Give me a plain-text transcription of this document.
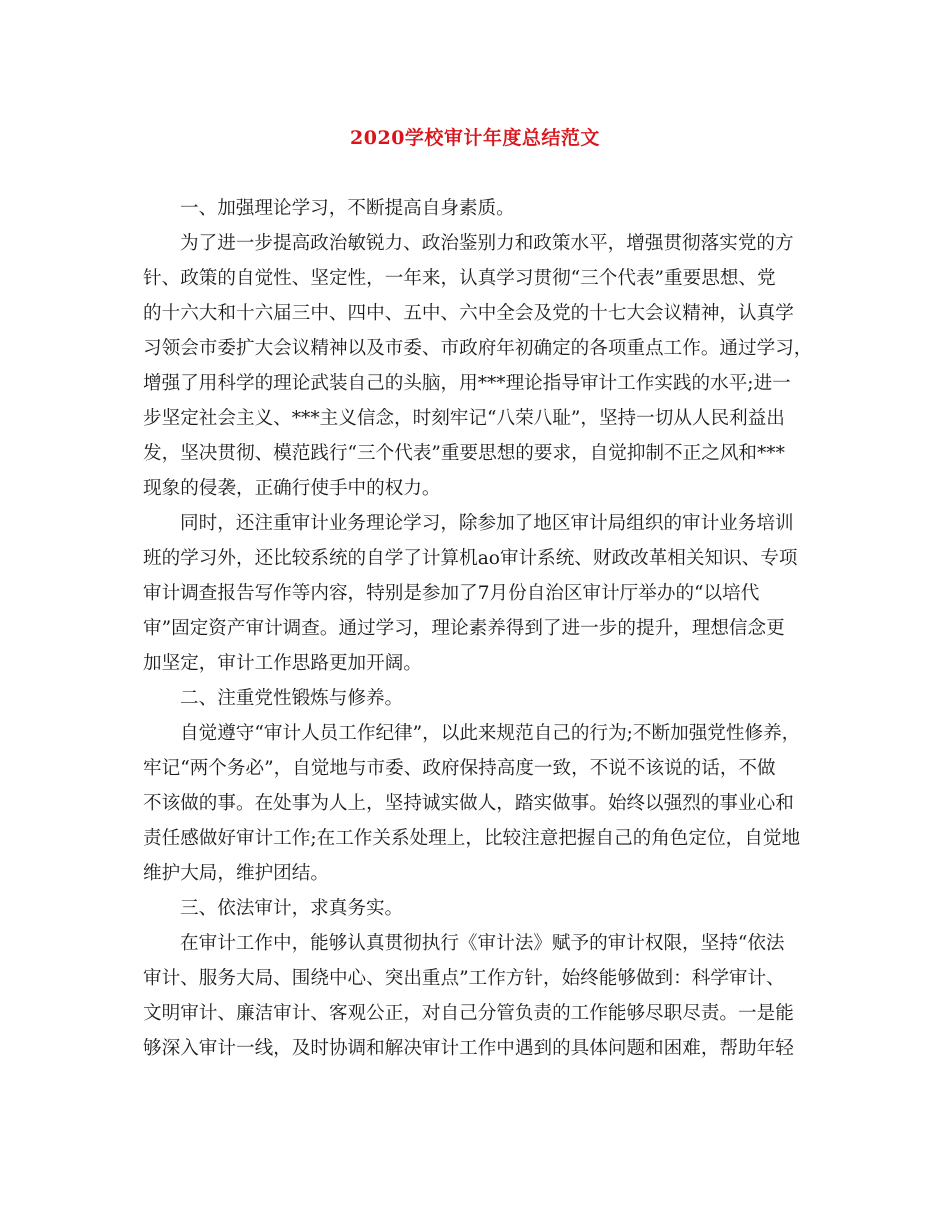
2020学校审计年度总结范文
一、加强理论学习，不断提高自身素质。
为了进一步提高政治敏锐力、政治鉴别力和政策水平，增强贯彻落实党的方
针、政策的自觉性、坚定性，一年来，认真学习贯彻“三个代表”重要思想、党
的十六大和十六届三中、四中、五中、六中全会及党的十七大会议精神，认真学
习领会市委扩大会议精神以及市委、市政府年初确定的各项重点工作。通过学习，
增强了用科学的理论武装自己的头脑，用***理论指导审计工作实践的水平;进一
步坚定社会主义、***主义信念，时刻牢记“八荣八耻”，坚持一切从人民利益出
发，坚决贯彻、模范践行“三个代表”重要思想的要求，自觉抑制不正之风和***
现象的侵袭，正确行使手中的权力。
同时，还注重审计业务理论学习，除参加了地区审计局组织的审计业务培训
班的学习外，还比较系统的自学了计算机ao审计系统、财政改革相关知识、专项
审计调查报告写作等内容，特别是参加了7月份自治区审计厅举办的“以培代
审”固定资产审计调查。通过学习，理论素养得到了进一步的提升，理想信念更
加坚定，审计工作思路更加开阔。
二、注重党性锻炼与修养。
自觉遵守“审计人员工作纪律”，以此来规范自己的行为;不断加强党性修养，
牢记“两个务必”，自觉地与市委、政府保持高度一致，不说不该说的话，不做
不该做的事。在处事为人上，坚持诚实做人，踏实做事。始终以强烈的事业心和
责任感做好审计工作;在工作关系处理上，比较注意把握自己的角色定位，自觉地
维护大局，维护团结。
三、依法审计，求真务实。
在审计工作中，能够认真贯彻执行《审计法》赋予的审计权限，坚持“依法
审计、服务大局、围绕中心、突出重点”工作方针，始终能够做到：科学审计、
文明审计、廉洁审计、客观公正，对自己分管负责的工作能够尽职尽责。一是能
够深入审计一线，及时协调和解决审计工作中遇到的具体问题和困难，帮助年轻
